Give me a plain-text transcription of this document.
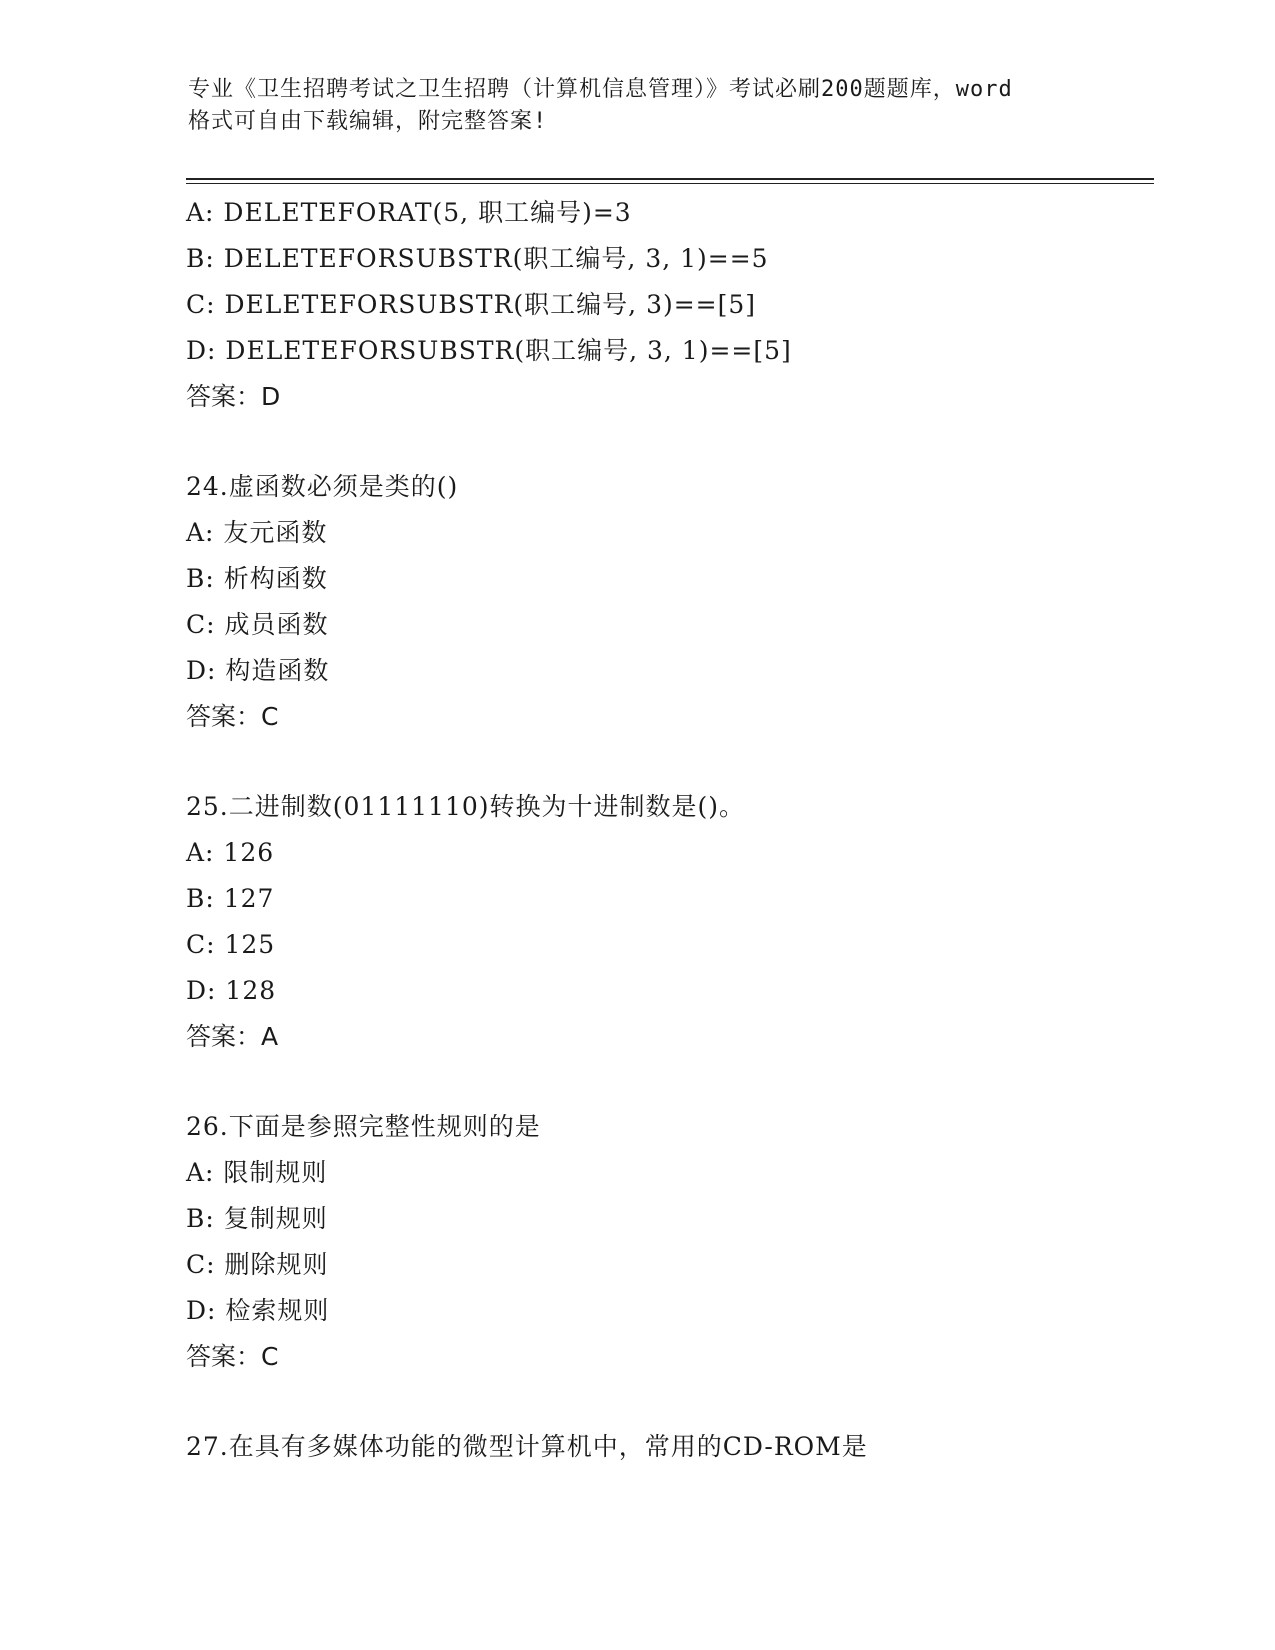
专业《卫生招聘考试之卫生招聘（计算机信息管理）》考试必刷200题题库，word
格式可自由下载编辑，附完整答案!
A: DELETEFORAT(5, 职工编号)=3
B: DELETEFORSUBSTR(职工编号, 3, 1)==5
C: DELETEFORSUBSTR(职工编号, 3)==[5]
D: DELETEFORSUBSTR(职工编号, 3, 1)==[5]
答案：D
24.虚函数必须是类的()
A: 友元函数
B: 析构函数
C: 成员函数
D: 构造函数
答案：C
25.二进制数(01111110)转换为十进制数是()。
A: 126
B: 127
C: 125
D: 128
答案：A
26.下面是参照完整性规则的是
A: 限制规则
B: 复制规则
C: 删除规则
D: 检索规则
答案：C
27.在具有多媒体功能的微型计算机中，常用的CD-ROM是
